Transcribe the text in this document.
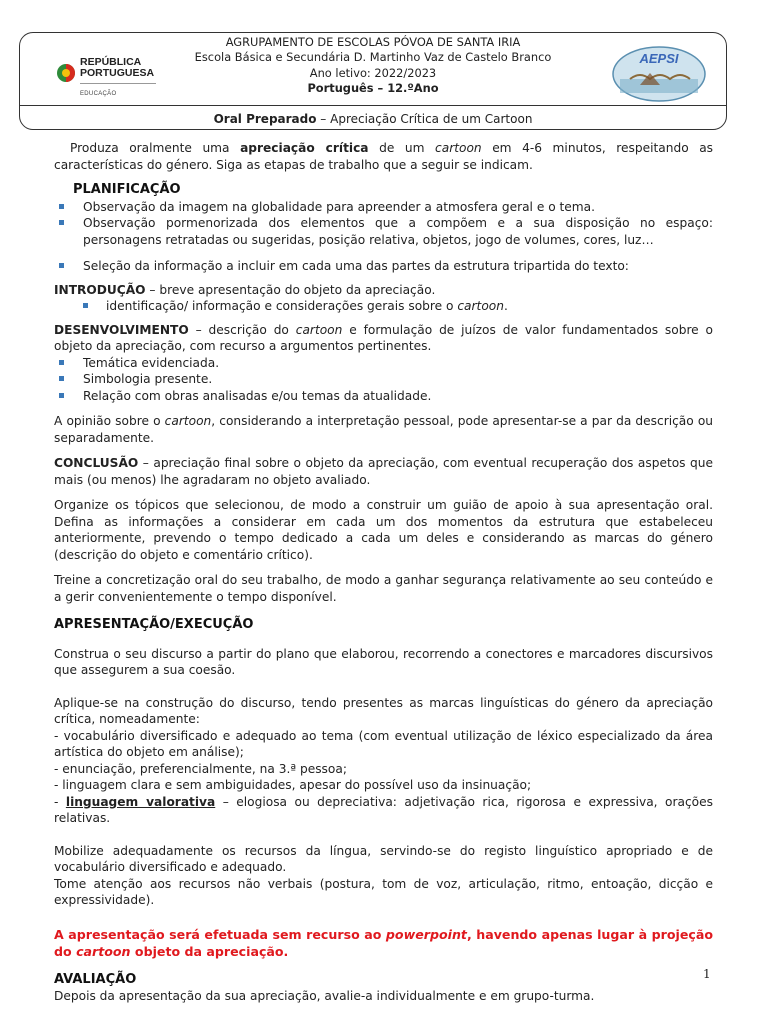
REPÚBLICA PORTUGUESA
EDUCAÇÃO
AGRUPAMENTO DE ESCOLAS PÓVOA DE SANTA IRIA
Escola Básica e Secundária D. Martinho Vaz de Castelo Branco
Ano letivo: 2022/2023
Português – 12.ºAno
AEPSI
Oral Preparado – Apreciação Crítica de um Cartoon

Produza oralmente uma apreciação crítica de um cartoon em 4-6 minutos, respeitando as características do género. Siga as etapas de trabalho que a seguir se indicam.

PLANIFICAÇÃO
Observação da imagem na globalidade para apreender a atmosfera geral e o tema.
Observação pormenorizada dos elementos que a compõem e a sua disposição no espaço: personagens retratadas ou sugeridas, posição relativa, objetos, jogo de volumes, cores, luz…
Seleção da informação a incluir em cada uma das partes da estrutura tripartida do texto:

INTRODUÇÃO – breve apresentação do objeto da apreciação.

identificação/ informação e considerações gerais sobre o cartoon.

DESENVOLVIMENTO – descrição do cartoon e formulação de juízos de valor fundamentados sobre o objeto da apreciação, com recurso a argumentos pertinentes.

Temática evidenciada.
Simbologia presente.
Relação com obras analisadas e/ou temas da atualidade.

A opinião sobre o cartoon, considerando a interpretação pessoal, pode apresentar-se a par da descrição ou separadamente.

CONCLUSÃO – apreciação final sobre o objeto da apreciação, com eventual recuperação dos aspetos que mais (ou menos) lhe agradaram no objeto avaliado.

Organize os tópicos que selecionou, de modo a construir um guião de apoio à sua apresentação oral. Defina as informações a considerar em cada um dos momentos da estrutura que estabeleceu anteriormente, prevendo o tempo dedicado a cada um deles e considerando as marcas do género (descrição do objeto e comentário crítico).

Treine a concretização oral do seu trabalho, de modo a ganhar segurança relativamente ao seu conteúdo e a gerir convenientemente o tempo disponível.

APRESENTAÇÃO/EXECUÇÃO

Construa o seu discurso a partir do plano que elaborou, recorrendo a conectores e marcadores discursivos que assegurem a sua coesão.

Aplique-se na construção do discurso, tendo presentes as marcas linguísticas do género da apreciação crítica, nomeadamente:

- vocabulário diversificado e adequado ao tema (com eventual utilização de léxico especializado da área artística do objeto em análise);

- enunciação, preferencialmente, na 3.ª pessoa;

- linguagem clara e sem ambiguidades, apesar do possível uso da insinuação;

- linguagem valorativa – elogiosa ou depreciativa: adjetivação rica, rigorosa e expressiva, orações relativas.

Mobilize adequadamente os recursos da língua, servindo-se do registo linguístico apropriado e de vocabulário diversificado e adequado.

Tome atenção aos recursos não verbais (postura, tom de voz, articulação, ritmo, entoação, dicção e expressividade).

A apresentação será efetuada sem recurso ao powerpoint, havendo apenas lugar à projeção do cartoon objeto da apreciação.

AVALIAÇÃO

Depois da apresentação da sua apreciação, avalie-a individualmente e em grupo-turma.

1
